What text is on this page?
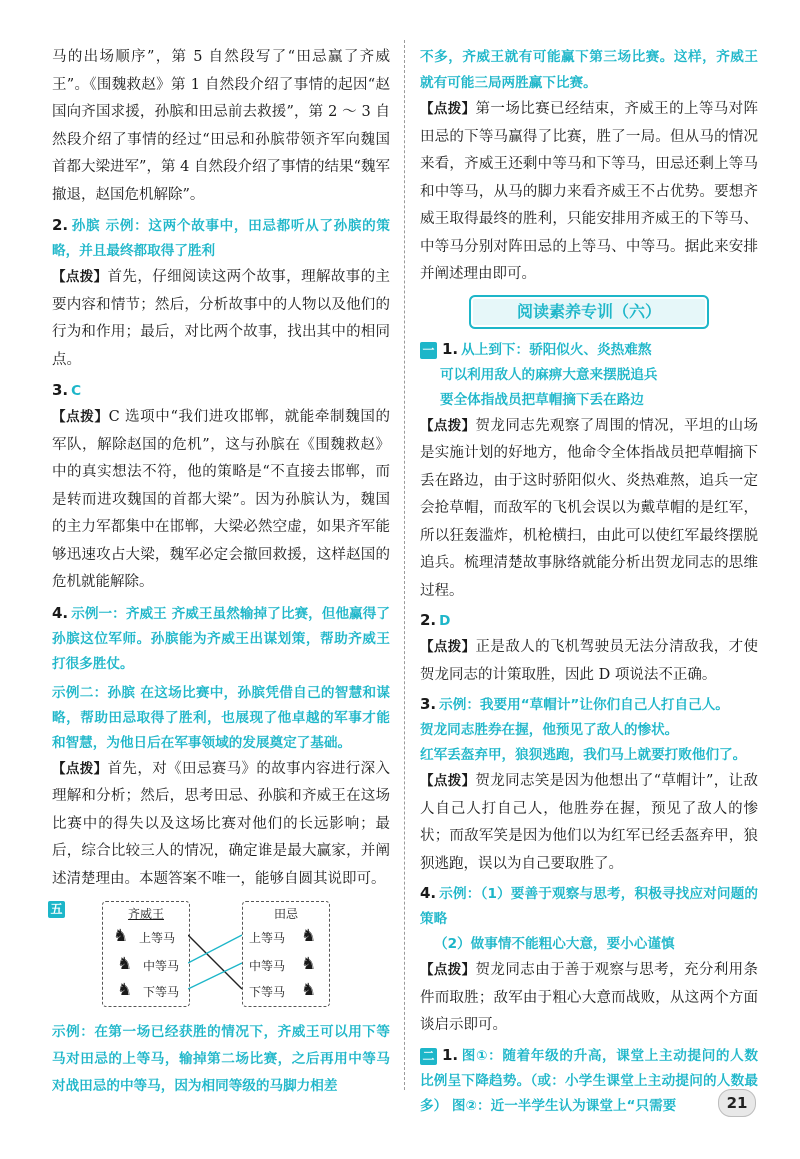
马的出场顺序”，第 5 自然段写了“田忌赢了齐威王”。《围魏救赵》第 1 自然段介绍了事情的起因“赵国向齐国求援，孙膑和田忌前去救援”，第 2 ～ 3 自然段介绍了事情的经过“田忌和孙膑带领齐军向魏国首都大梁进军”，第 4 自然段介绍了事情的结果“魏军撤退，赵国危机解除”。

2. 孙膑 示例：这两个故事中，田忌都听从了孙膑的策略，并且最终都取得了胜利

【点拨】首先，仔细阅读这两个故事，理解故事的主要内容和情节；然后，分析故事中的人物以及他们的行为和作用；最后，对比两个故事，找出其中的相同点。

3. C

【点拨】C 选项中“我们进攻邯郸，就能牵制魏国的军队，解除赵国的危机”，这与孙膑在《围魏救赵》中的真实想法不符，他的策略是“不直接去邯郸，而是转而进攻魏国的首都大梁”。因为孙膑认为，魏国的主力军都集中在邯郸，大梁必然空虚，如果齐军能够迅速攻占大梁，魏军必定会撤回救援，这样赵国的危机就能解除。

4. 示例一：齐威王 齐威王虽然输掉了比赛，但他赢得了孙膑这位军师。孙膑能为齐威王出谋划策，帮助齐威王打很多胜仗。

示例二：孙膑 在这场比赛中，孙膑凭借自己的智慧和谋略，帮助田忌取得了胜利，也展现了他卓越的军事才能和智慧，为他日后在军事领域的发展奠定了基础。

【点拨】首先，对《田忌赛马》的故事内容进行深入理解和分析；然后，思考田忌、孙膑和齐威王在这场比赛中的得失以及这场比赛对他们的长远影响；最后，综合比较三人的情况，确定谁是最大赢家，并阐述清楚理由。本题答案不唯一，能够自圆其说即可。

五	齐威王
♞ 上等马
♞ 中等马
♞ 下等马
田忌
上等马 ♞
中等马 ♞
下等马 ♞

示例：在第一场已经获胜的情况下，齐威王可以用下等马对田忌的上等马，输掉第二场比赛，之后再用中等马对战田忌的中等马，因为相同等级的马脚力相差

不多，齐威王就有可能赢下第三场比赛。这样，齐威王就有可能三局两胜赢下比赛。

【点拨】第一场比赛已经结束，齐威王的上等马对阵田忌的下等马赢得了比赛，胜了一局。但从马的情况来看，齐威王还剩中等马和下等马，田忌还剩上等马和中等马，从马的脚力来看齐威王不占优势。要想齐威王取得最终的胜利，只能安排用齐威王的下等马、中等马分别对阵田忌的上等马、中等马。据此来安排并阐述理由即可。

阅读素养专训（六）

一 1. 从上到下：骄阳似火、炎热难熬

可以利用敌人的麻痹大意来摆脱追兵

要全体指战员把草帽摘下丢在路边

【点拨】贺龙同志先观察了周围的情况，平坦的山场是实施计划的好地方，他命令全体指战员把草帽摘下丢在路边，由于这时骄阳似火、炎热难熬，追兵一定会抢草帽，而敌军的飞机会误以为戴草帽的是红军，所以狂轰滥炸，机枪横扫，由此可以使红军最终摆脱追兵。梳理清楚故事脉络就能分析出贺龙同志的思维过程。

2. D

【点拨】正是敌人的飞机驾驶员无法分清敌我，才使贺龙同志的计策取胜，因此 D 项说法不正确。

3. 示例：我要用“草帽计”让你们自己人打自己人。

贺龙同志胜券在握，他预见了敌人的惨状。

红军丢盔弃甲，狼狈逃跑，我们马上就要打败他们了。

【点拨】贺龙同志笑是因为他想出了“草帽计”，让敌人自己人打自己人，他胜券在握，预见了敌人的惨状；而敌军笑是因为他们以为红军已经丢盔弃甲，狼狈逃跑，误以为自己要取胜了。

4. 示例：（1）要善于观察与思考，积极寻找应对问题的策略

（2）做事情不能粗心大意，要小心谨慎

【点拨】贺龙同志由于善于观察与思考，充分利用条件而取胜；敌军由于粗心大意而战败，从这两个方面谈启示即可。

二 1. 图①：随着年级的升高，课堂上主动提问的人数比例呈下降趋势。（或：小学生课堂上主动提问的人数最多） 图②：近一半学生认为课堂上“只需要	21
